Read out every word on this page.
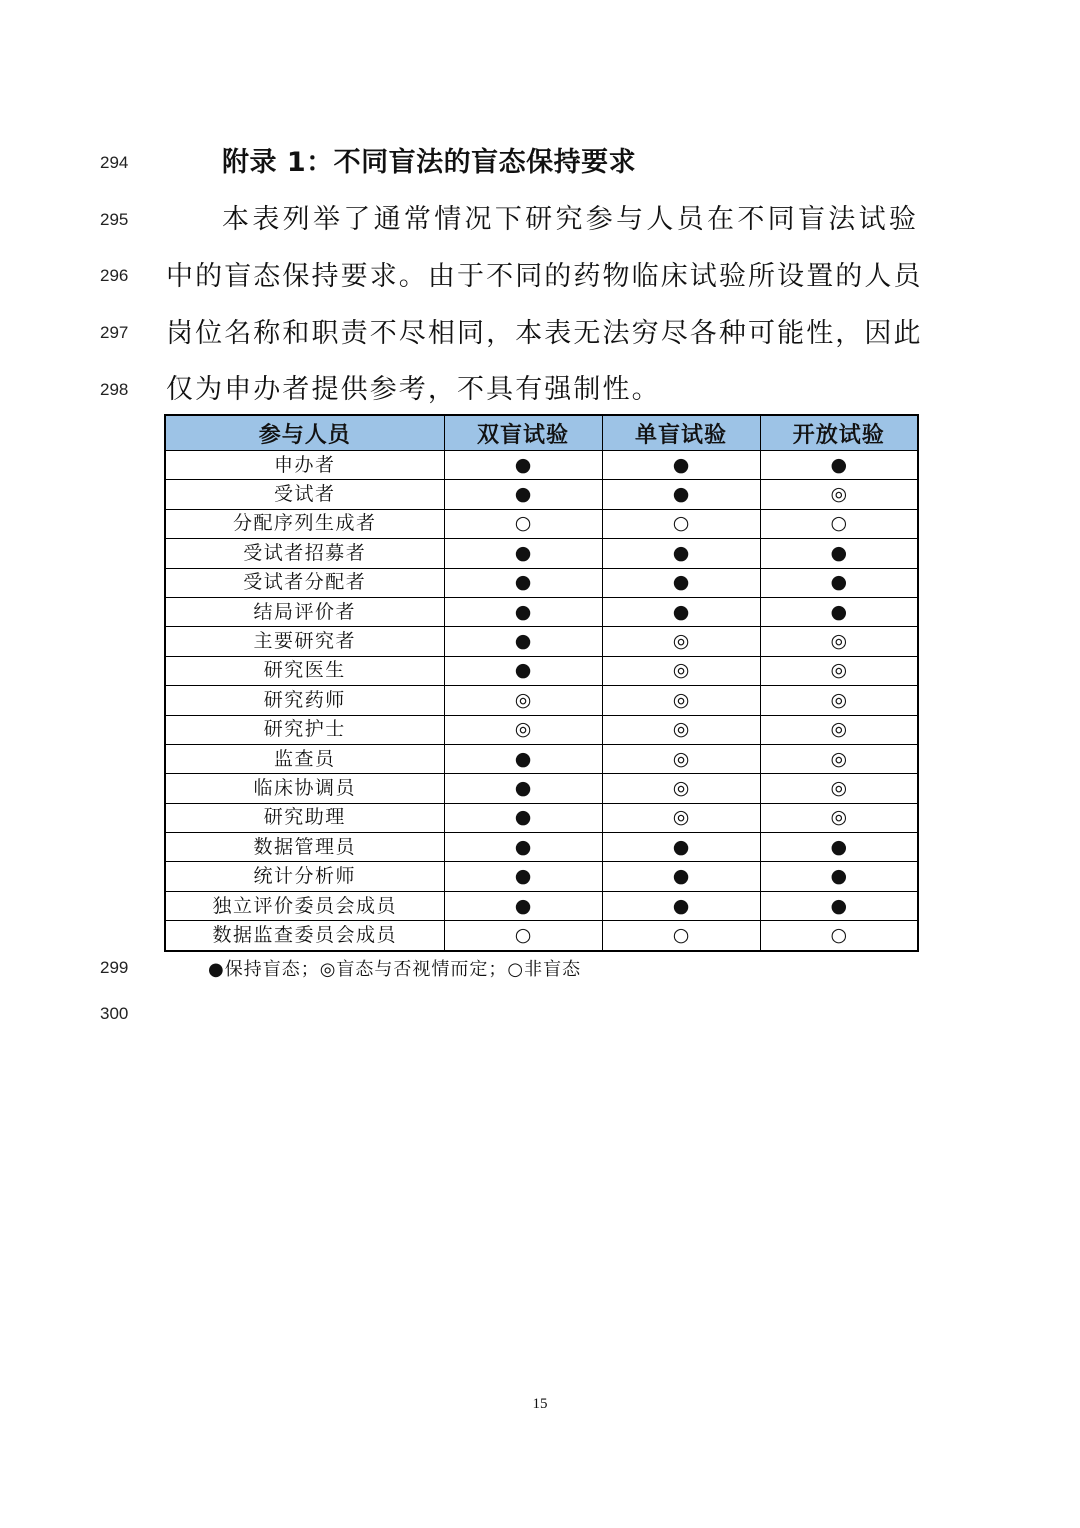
294
295
296
297
298
299
300
附录 1：不同盲法的盲态保持要求
本表列举了通常情况下研究参与人员在不同盲法试验
中的盲态保持要求。由于不同的药物临床试验所设置的人员
岗位名称和职责不尽相同，本表无法穷尽各种可能性，因此
仅为申办者提供参考，不具有强制性。
参与人员	双盲试验	单盲试验	开放试验
申办者	●	●	●
受试者	●	●	◎
分配序列生成者	○	○	○
受试者招募者	●	●	●
受试者分配者	●	●	●
结局评价者	●	●	●
主要研究者	●	◎	◎
研究医生	●	◎	◎
研究药师	◎	◎	◎
研究护士	◎	◎	◎
监查员	●	◎	◎
临床协调员	●	◎	◎
研究助理	●	◎	◎
数据管理员	●	●	●
统计分析师	●	●	●
独立评价委员会成员	●	●	●
数据监查委员会成员	○	○	○
●保持盲态；◎盲态与否视情而定；○非盲态
15
